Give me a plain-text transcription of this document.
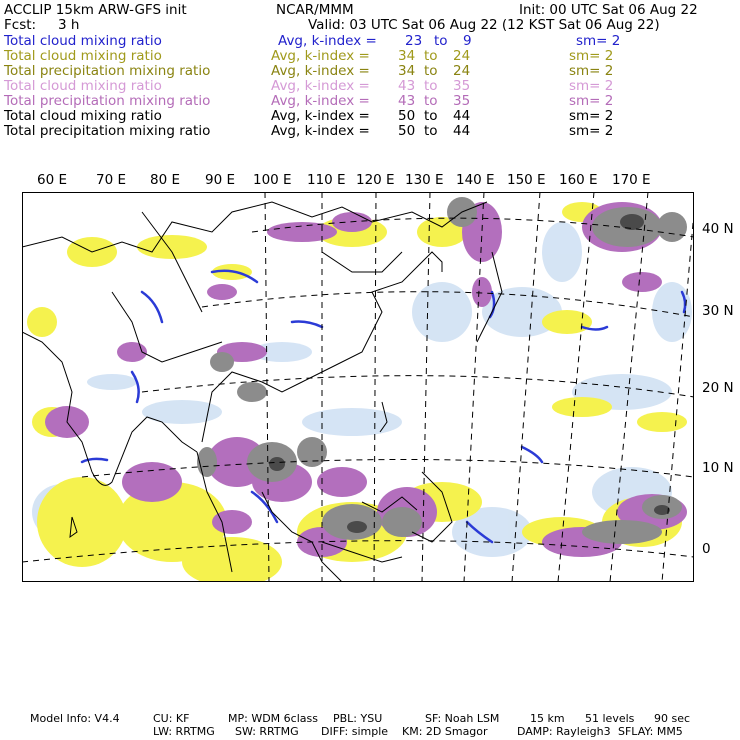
ACCLIP 15km ARW-GFS init	NCAR/MMM	Init: 00 UTC Sat 06 Aug 22
Fcst: 3 h	Valid: 03 UTC Sat 06 Aug 22 (12 KST Sat 06 Aug 22)
Total cloud mixing ratio	Avg, k-index = 23 to 9	sm= 2
Total cloud mixing ratio	Avg, k-index = 34 to 24	sm= 2
Total precipitation mixing ratio	Avg, k-index = 34 to 24	sm= 2
Total cloud mixing ratio	Avg, k-index = 43 to 35	sm= 2
Total precipitation mixing ratio	Avg, k-index = 43 to 35	sm= 2
Total cloud mixing ratio	Avg, k-index = 50 to 44	sm= 2
Total precipitation mixing ratio	Avg, k-index = 50 to 44	sm= 2
60 E 70 E 80 E 90 E 100 E 110 E 120 E 130 E 140 E 150 E 160 E 170 E
40 N
30 N
20 N
10 N
0
Model Info: V4.4	CU: KF	MP: WDM 6class PBL: YSU	SF: Noah LSM	15 km 51 levels 90 sec
LW: RRTMG SW: RRTMG DIFF: simple KM: 2D Smagor	DAMP: Rayleigh3 SFLAY: MM5
